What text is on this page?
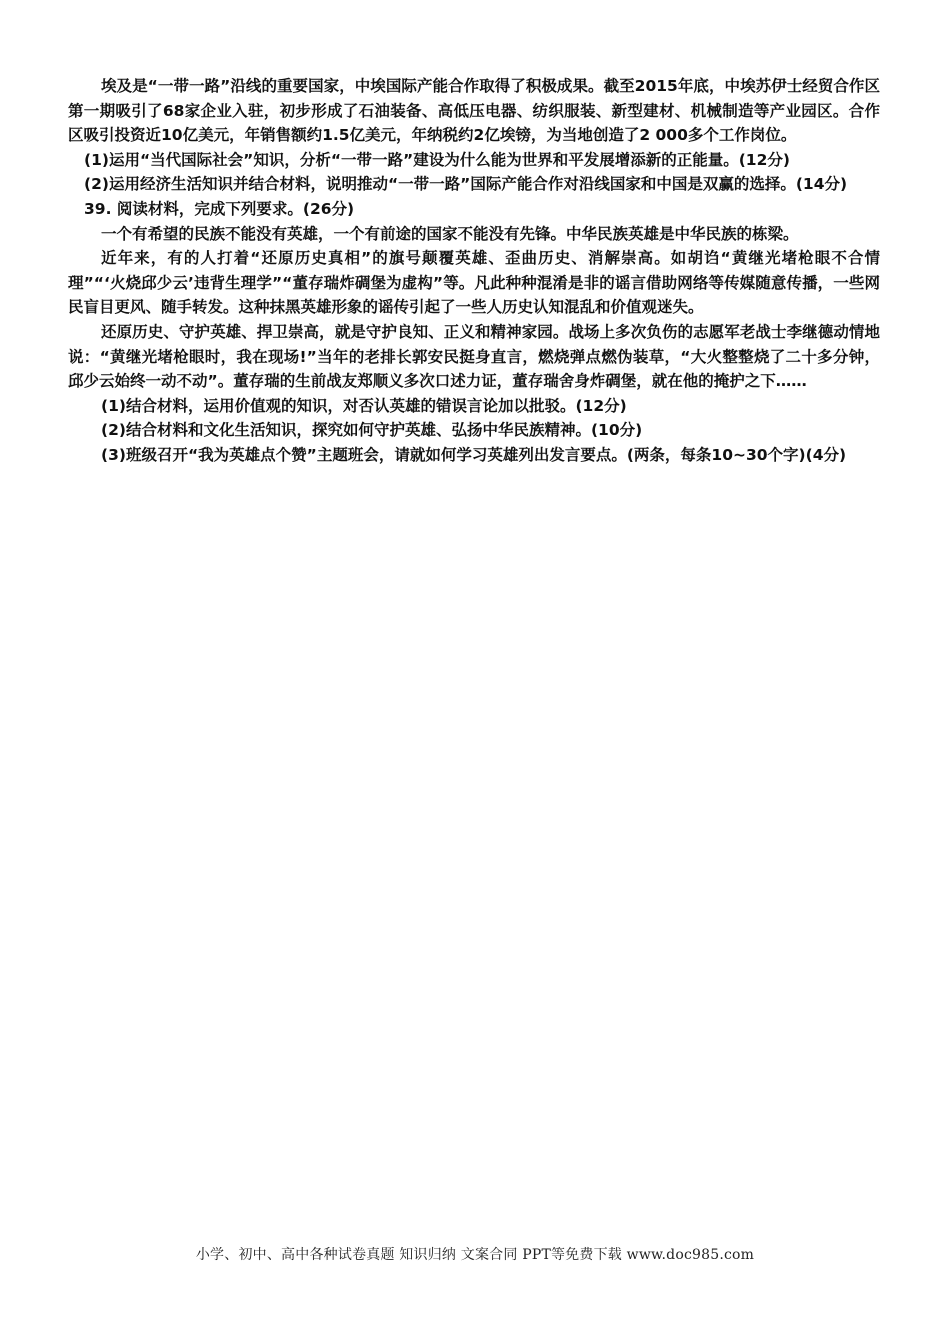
埃及是“一带一路”沿线的重要国家，中埃国际产能合作取得了积极成果。截至2015年底，中埃苏伊士经贸合作区第一期吸引了68家企业入驻，初步形成了石油装备、高低压电器、纺织服装、新型建材、机械制造等产业园区。合作区吸引投资近10亿美元，年销售额约1.5亿美元，年纳税约2亿埃镑，为当地创造了2 000多个工作岗位。

(1)运用“当代国际社会”知识，分析“一带一路”建设为什么能为世界和平发展增添新的正能量。(12分)

(2)运用经济生活知识并结合材料，说明推动“一带一路”国际产能合作对沿线国家和中国是双赢的选择。(14分)

39. 阅读材料，完成下列要求。(26分)

一个有希望的民族不能没有英雄，一个有前途的国家不能没有先锋。中华民族英雄是中华民族的栋梁。

近年来，有的人打着“还原历史真相”的旗号颠覆英雄、歪曲历史、消解崇高。如胡诌“黄继光堵枪眼不合情理”“‘火烧邱少云’违背生理学”“董存瑞炸碉堡为虚构”等。凡此种种混淆是非的谣言借助网络等传媒随意传播，一些网民盲目更风、随手转发。这种抹黑英雄形象的谣传引起了一些人历史认知混乱和价值观迷失。

还原历史、守护英雄、捍卫崇高，就是守护良知、正义和精神家园。战场上多次负伤的志愿军老战士李继德动情地说：“黄继光堵枪眼时，我在现场!”当年的老排长郭安民挺身直言，燃烧弹点燃伪装草，“大火整整烧了二十多分钟，邱少云始终一动不动”。董存瑞的生前战友郑顺义多次口述力证，董存瑞舍身炸碉堡，就在他的掩护之下……

(1)结合材料，运用价值观的知识，对否认英雄的错误言论加以批驳。(12分)

(2)结合材料和文化生活知识，探究如何守护英雄、弘扬中华民族精神。(10分)

(3)班级召开“我为英雄点个赞”主题班会，请就如何学习英雄列出发言要点。(两条，每条10~30个字)(4分)

小学、初中、高中各种试卷真题 知识归纳 文案合同 PPT等免费下载 www.doc985.com
